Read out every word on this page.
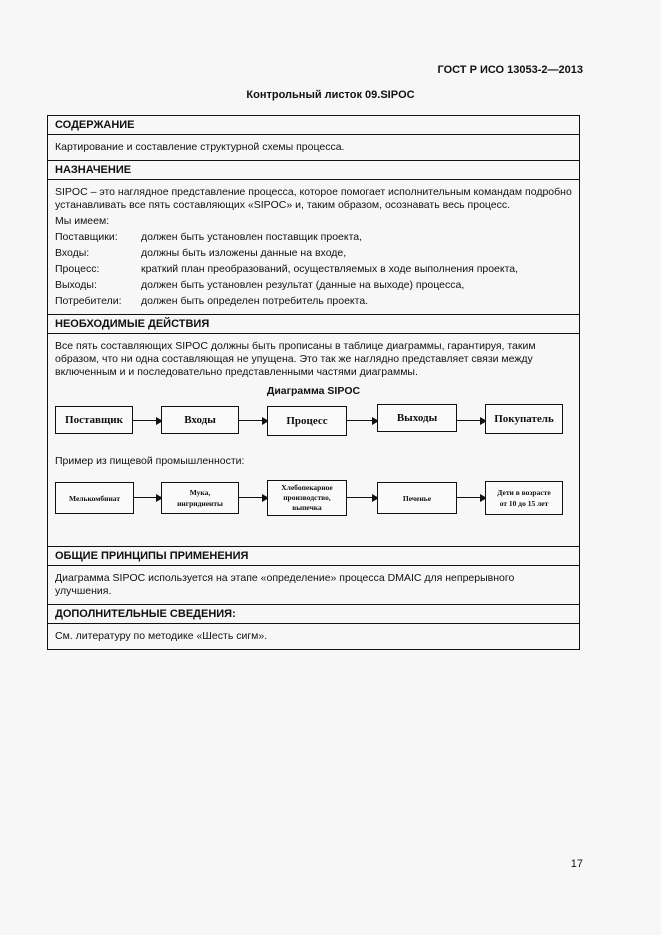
ГОСТ Р ИСО 13053-2—2013
Контрольный листок 09.SIPOC
СОДЕРЖАНИЕ
Картирование и составление структурной схемы процесса.
НАЗНАЧЕНИЕ
SIPOC – это наглядное представление процесса, которое помогает исполнительным командам подробно устанавливать все пять составляющих «SIPOC» и, таким образом, осознавать весь процесс.
Мы имеем:
Поставщики:	должен быть установлен поставщик проекта,
Входы:	должны быть изложены данные на входе,
Процесс:	краткий план преобразований, осуществляемых в ходе выполнения проекта,
Выходы:	должен быть установлен результат (данные на выходе) процесса,
Потребители:	должен быть определен потребитель проекта.
НЕОБХОДИМЫЕ ДЕЙСТВИЯ
Все пять составляющих SIPOC должны быть прописаны в таблице диаграммы, гарантируя, таким образом, что ни одна составляющая не упущена. Это так же наглядно представляет связи между включенным и и последовательно представленными частями диаграммы.
Диаграмма SIPOC
Поставщик	Входы	Процесс	Выходы	Покупатель
Пример из пищевой промышленности:
Мелькомбинат
Мука,
ингридиенты
Хлебопекарное
производство,
выпечка
Печенье
Дети в возрасте
от 10 до 15 лет
ОБЩИЕ ПРИНЦИПЫ ПРИМЕНЕНИЯ
Диаграмма SIPOC используется на этапе «определение» процесса DMAIC для непрерывного улучшения.
ДОПОЛНИТЕЛЬНЫЕ СВЕДЕНИЯ:
См. литературу по методике «Шесть сигм».
17
